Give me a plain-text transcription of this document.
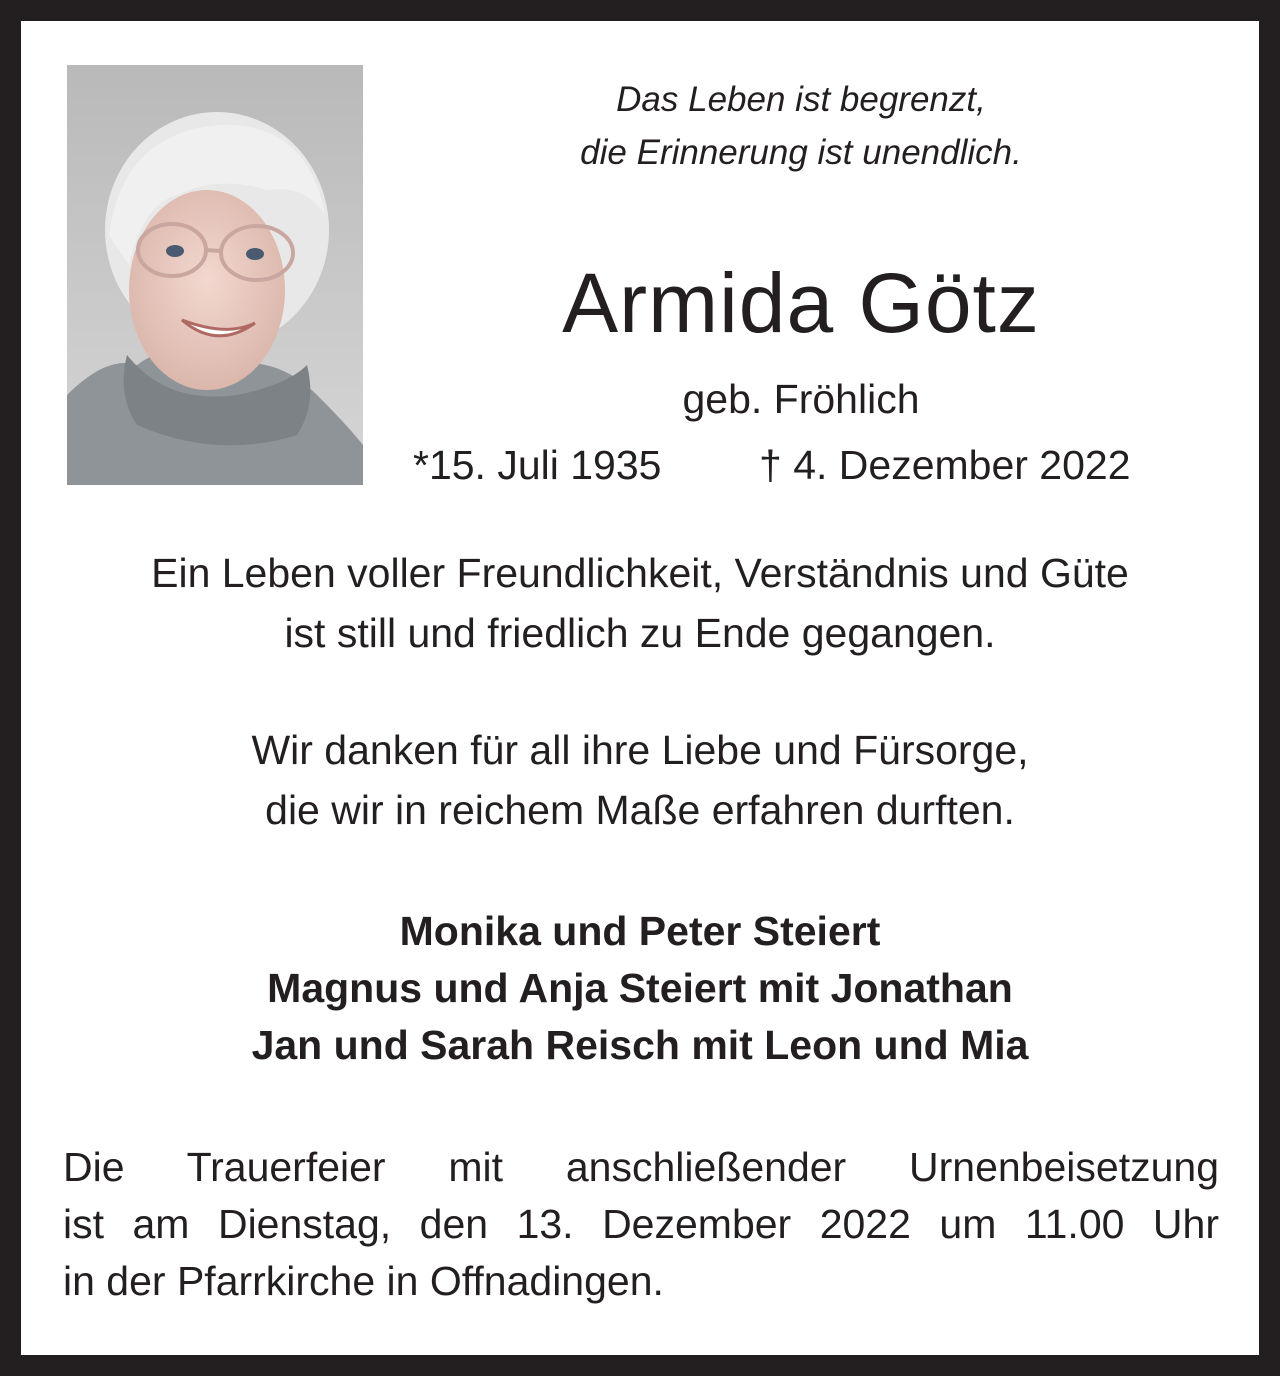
Das Leben ist begrenzt,
die Erinnerung ist unendlich.
Armida Götz
geb. Fröhlich
*15. Juli 1935 † 4. Dezember 2022
Ein Leben voller Freundlichkeit, Verständnis und Güte
ist still und friedlich zu Ende gegangen.
Wir danken für all ihre Liebe und Fürsorge,
die wir in reichem Maße erfahren durften.
Monika und Peter Steiert
Magnus und Anja Steiert mit Jonathan
Jan und Sarah Reisch mit Leon und Mia
Die Trauerfeier mit anschließender Urnenbeisetzung
ist am Dienstag, den 13. Dezember 2022 um 11.00 Uhr
in der Pfarrkirche in Offnadingen.
